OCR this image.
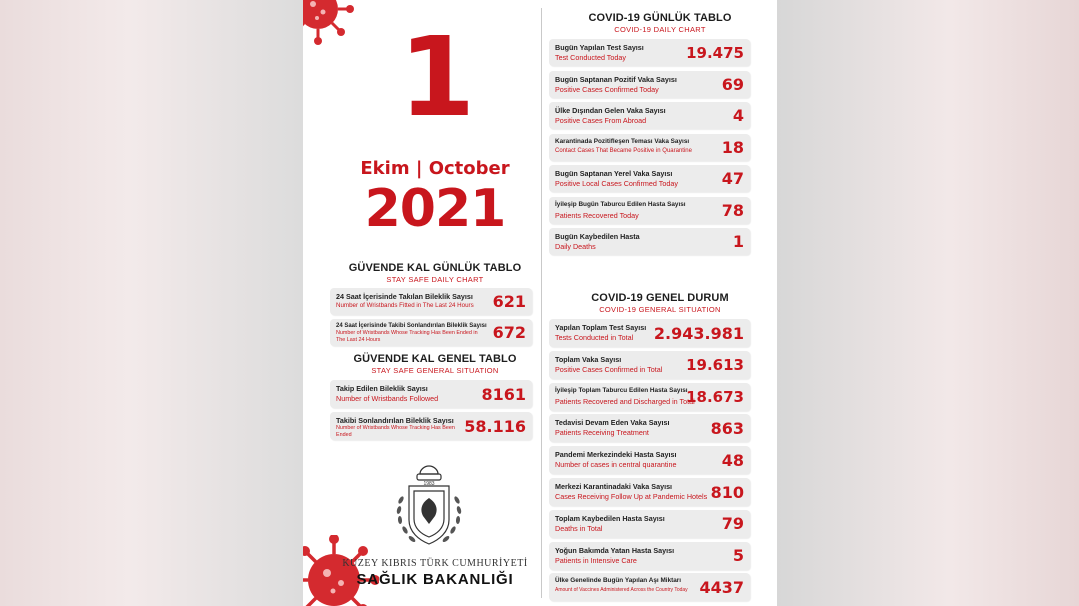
1
Ekim | October
2021
GÜVENDE KAL GÜNLÜK TABLO
STAY SAFE DAILY CHART
24 Saat İçerisinde Takılan Bileklik Sayısı
Number of Wristbands Fitted in The Last 24 Hours 621
24 Saat İçerisinde Takibi Sonlandırılan Bileklik Sayısı
Number of Wristbands Whose Tracking Has Been Ended in The Last 24 Hours	672
GÜVENDE KAL GENEL TABLO
STAY SAFE GENERAL SITUATION
Takip Edilen Bileklik Sayısı
Number of Wristbands Followed	8161
Takibi Sonlandırılan Bileklik Sayısı
Number of Wristbands Whose Tracking Has Been Ended	58.116
1983
KUZEY KIBRIS TÜRK CUMHURİYETİ
SAĞLIK BAKANLIĞI
COVID-19 GÜNLÜK TABLO
COVID-19 DAILY CHART
Bugün Yapılan Test Sayısı
Test Conducted Today	19.475
Bugün Saptanan Pozitif Vaka Sayısı
Positive Cases Confirmed Today	69
Ülke Dışından Gelen Vaka Sayısı
Positive Cases From Abroad	4
Karantinada Pozitifleşen Teması Vaka Sayısı
Contact Cases That Became Positive in Quarantine 18
Bugün Saptanan Yerel Vaka Sayısı
Positive Local Cases Confirmed Today	47
İyileşip Bugün Taburcu Edilen Hasta Sayısı
Patients Recovered Today	78
Bugün Kaybedilen Hasta
Daily Deaths	1
COVID-19 GENEL DURUM
COVID-19 GENERAL SITUATION
Yapılan Toplam Test Sayısı
Tests Conducted in Total 2.943.981
Toplam Vaka Sayısı
Positive Cases Confirmed in Total 19.613
İyileşip Toplam Taburcu Edilen Hasta Sayısı
Patients Recovered and Discharged in Total
18.673
Tedavisi Devam Eden Vaka Sayısı
Patients Receiving Treatment	863
Pandemi Merkezindeki Hasta Sayısı
Number of cases in central quarantine	48
Merkezi Karantinadaki Vaka Sayısı
Cases Receiving Follow Up at Pandemic Hotels 810
Toplam Kaybedilen Hasta Sayısı
Deaths in Total	79
Yoğun Bakımda Yatan Hasta Sayısı
Patients in Intensive Care	5
Ülke Genelinde Bugün Yapılan Aşı Miktarı
Amount of Vaccines Administered Across the Country Today 4437
